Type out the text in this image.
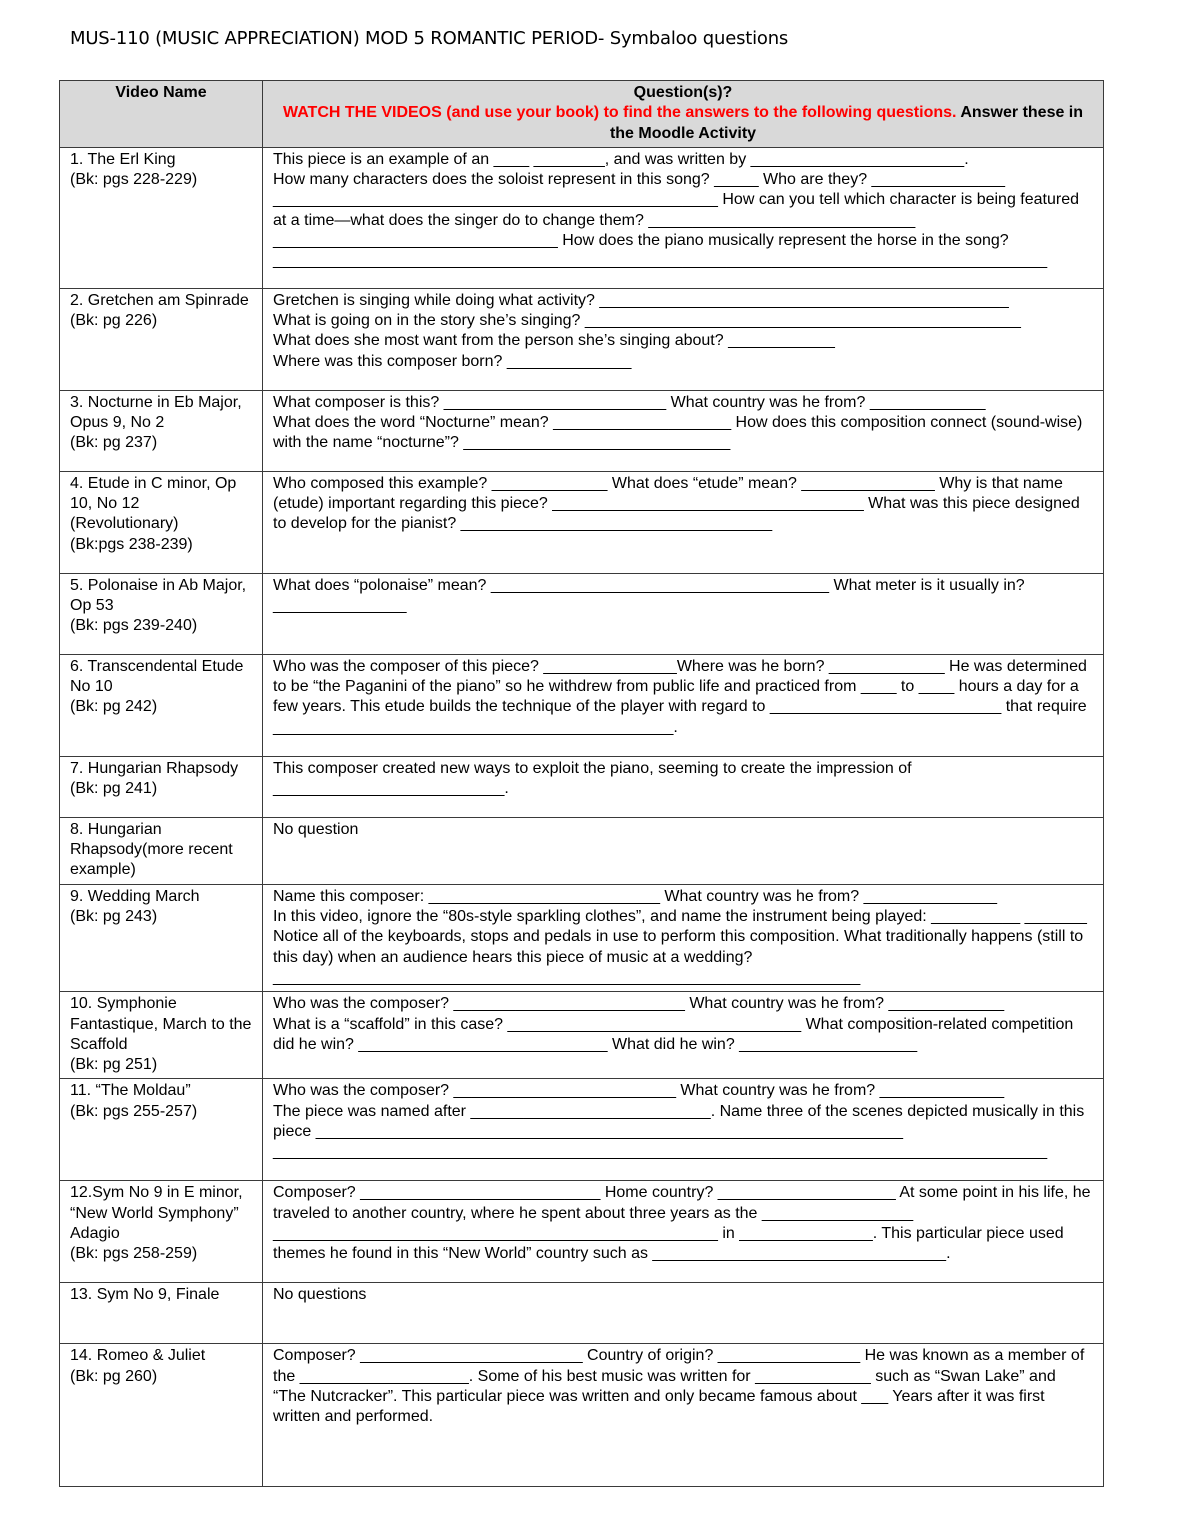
MUS-110 (MUSIC APPRECIATION) MOD 5 ROMANTIC PERIOD- Symbaloo questions
Video Name	Question(s)?
WATCH THE VIDEOS (and use your book) to find the answers to the following questions. Answer these in the Moodle Activity

1. The Erl King
(Bk: pgs 228-229)	This piece is an example of an ____ ________, and was written by ________________________.
How many characters does the soloist represent in this song? _____ Who are they? _______________ __________________________________________________ How can you tell which character is being featured at a time—what does the singer do to change them? ______________________________ ________________________________ How does the piano musically represent the horse in the song? _______________________________________________________________________________________
2. Gretchen am Spinrade
(Bk: pg 226)	Gretchen is singing while doing what activity? ______________________________________________
What is going on in the story she’s singing? _________________________________________________
What does she most want from the person she’s singing about? ____________
Where was this composer born? ______________
3. Nocturne in Eb Major, Opus 9, No 2
(Bk: pg 237)	What composer is this? _________________________ What country was he from? _____________
What does the word “Nocturne” mean? ____________________ How does this composition connect (sound-wise) with the name “nocturne”? ______________________________
4. Etude in C minor, Op 10, No 12 (Revolutionary)
(Bk:pgs 238-239)	Who composed this example? _____________ What does “etude” mean? _______________ Why is that name (etude) important regarding this piece? ___________________________________ What was this piece designed to develop for the pianist? ___________________________________
5. Polonaise in Ab Major, Op 53
(Bk: pgs 239-240)	What does “polonaise” mean? ______________________________________ What meter is it usually in? _______________
6. Transcendental Etude No 10
(Bk: pg 242)	Who was the composer of this piece? _______________Where was he born? _____________ He was determined to be “the Paganini of the piano” so he withdrew from public life and practiced from ____ to ____ hours a day for a few years. This etude builds the technique of the player with regard to __________________________ that require _____________________________________________.
7. Hungarian Rhapsody
(Bk: pg 241)	This composer created new ways to exploit the piano, seeming to create the impression of __________________________.
8. Hungarian Rhapsody(more recent example)	No question
9. Wedding March
(Bk: pg 243)	Name this composer: __________________________ What country was he from? _______________
In this video, ignore the “80s-style sparkling clothes”, and name the instrument being played: __________ _______ Notice all of the keyboards, stops and pedals in use to perform this composition. What traditionally happens (still to this day) when an audience hears this piece of music at a wedding? __________________________________________________________________
10. Symphonie Fantastique, March to the Scaffold
(Bk: pg 251)	Who was the composer? __________________________ What country was he from? _____________
What is a “scaffold” in this case? _________________________________ What composition-related competition did he win? ____________________________ What did he win? ____________________
11. “The Moldau”
(Bk: pgs 255-257)	Who was the composer? _________________________ What country was he from? ______________
The piece was named after ___________________________. Name three of the scenes depicted musically in this piece __________________________________________________________________ _______________________________________________________________________________________
12.Sym No 9 in E minor, “New World Symphony” Adagio
(Bk: pgs 258-259)	Composer? ___________________________ Home country? ____________________ At some point in his life, he traveled to another country, where he spent about three years as the _________________ __________________________________________________ in _______________. This particular piece used themes he found in this “New World” country such as _________________________________.
13. Sym No 9, Finale	No questions
14. Romeo & Juliet
(Bk: pg 260)	Composer? _________________________ Country of origin? ________________ He was known as a member of the ___________________. Some of his best music was written for _____________ such as “Swan Lake” and “The Nutcracker”. This particular piece was written and only became famous about ___ Years after it was first written and performed.
